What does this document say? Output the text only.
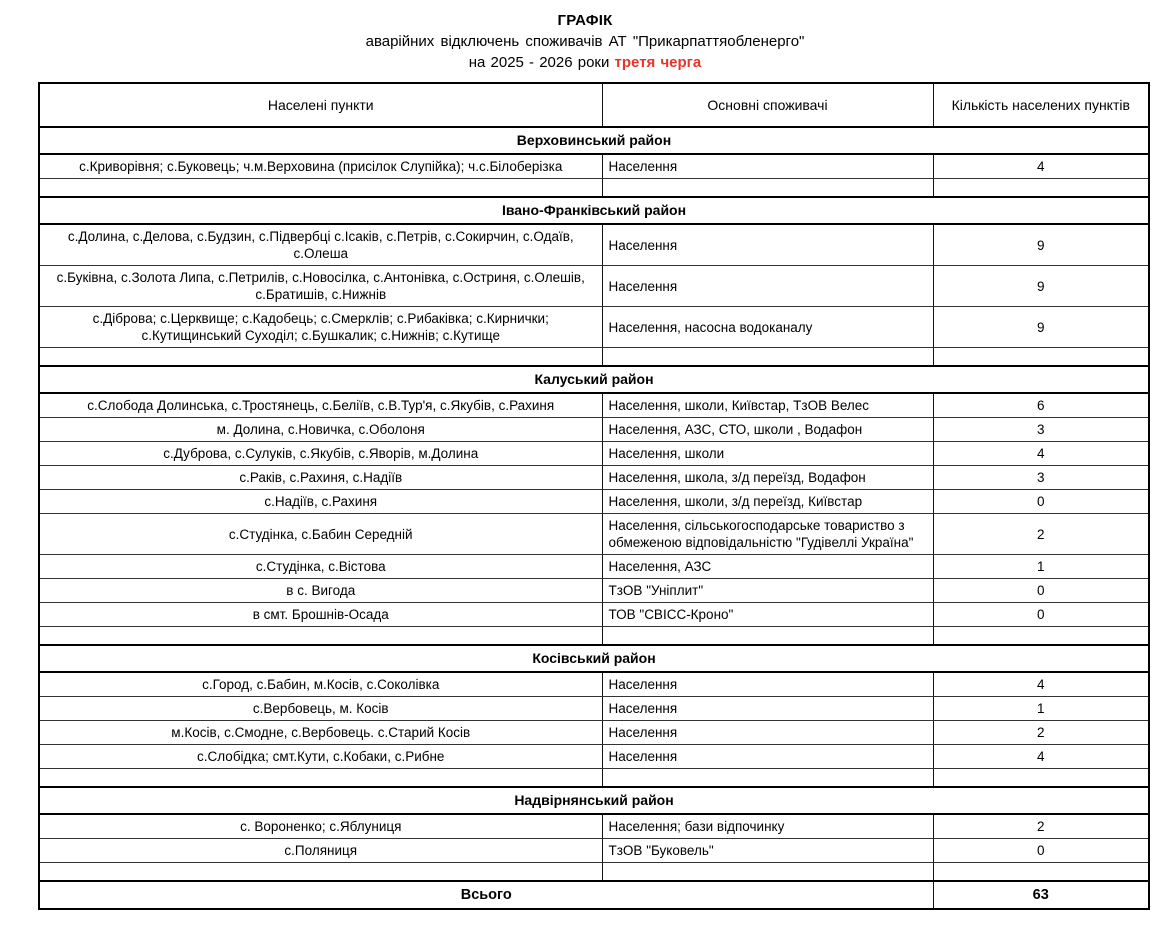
ГРАФІК
аварійних відключень споживачів АТ "Прикарпаттяобленерго"
на 2025 - 2026 роки третя черга
Населені пункти	Основні споживачі	Кількість населених пунктів
Верховинський район		
с.Криворівня; с.Буковець; ч.м.Верховина (присілок Слупійка); ч.с.Білоберізка	Населення	4

Івано-Франківський район		
с.Долина, с.Делова, с.Будзин, с.Підвербці с.Ісаків, с.Петрів, с.Сокирчин, с.Одаїв, с.Олеша	Населення	9
с.Буківна, с.Золота Липа, с.Петрилів, с.Новосілка, с.Антонівка, с.Остриня, с.Олешів, с.Братишів, с.Нижнів	Населення	9
с.Діброва; с.Церквище; с.Кадобець; с.Смерклів; с.Рибаківка; с.Кирнички; с.Кутищинський Суходіл; с.Бушкалик; с.Нижнів; с.Кутище	Населення, насосна водоканалу	9

Калуський район		
с.Слобода Долинська, с.Тростянець, с.Беліїв, с.В.Тур'я, с.Якубів, с.Рахиня	Населення, школи, Київстар, ТзОВ Велес	6
м. Долина, с.Новичка, с.Оболоня	Населення, АЗС, СТО, школи , Водафон	3
с.Дуброва, с.Сулуків, с.Якубів, с.Яворів, м.Долина	Населення, школи	4
с.Раків, с.Рахиня, с.Надіїв	Населення, школа, з/д переїзд, Водафон	3
с.Надіїв, с.Рахиня	Населення, школи, з/д переїзд, Київстар	0
с.Студінка, с.Бабин Середній	Населення, сільськогосподарське товариство з обмеженою відповідальністю "Гудівеллі Україна"	2
с.Студінка, с.Вістова	Населення, АЗС	1
в с. Вигода	ТзОВ "Уніплит"	0
в смт. Брошнів-Осада	ТОВ "СВІСС-Кроно"	0

Косівський район		
с.Город, с.Бабин, м.Косів, с.Соколівка	Населення	4
с.Вербовець, м. Косів	Населення	1
м.Косів, с.Смодне, с.Вербовець. с.Старий Косів	Населення	2
с.Слобідка; смт.Кути, с.Кобаки, с.Рибне	Населення	4

Надвірнянський район		
с. Вороненко; с.Яблуниця	Населення; бази відпочинку	2
с.Поляниця	ТзОВ "Буковель"	0

Всього		63
